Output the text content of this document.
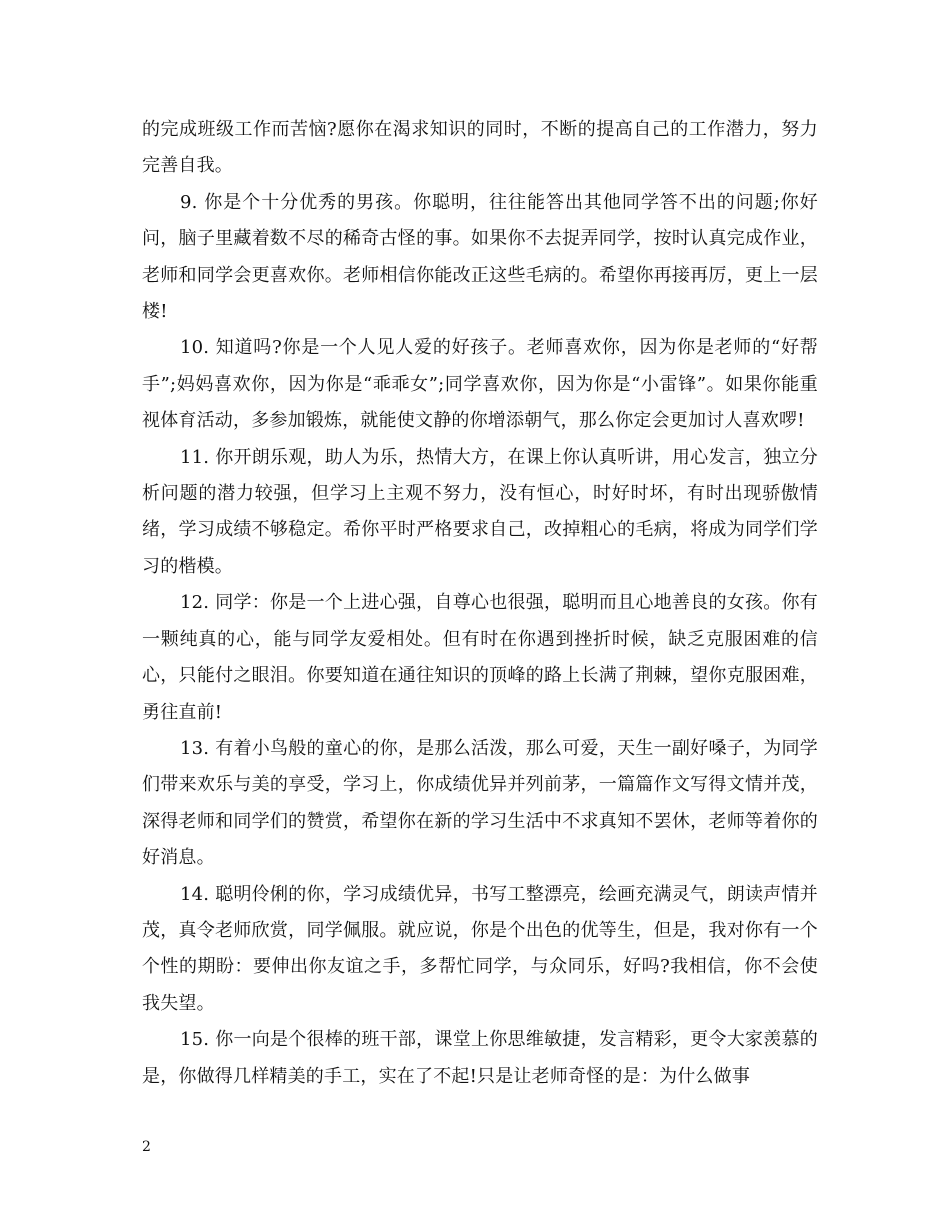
的完成班级工作而苦恼?愿你在渴求知识的同时，不断的提高自己的工作潜力，努力完善自我。

9. 你是个十分优秀的男孩。你聪明，往往能答出其他同学答不出的问题;你好问，脑子里藏着数不尽的稀奇古怪的事。如果你不去捉弄同学，按时认真完成作业，老师和同学会更喜欢你。老师相信你能改正这些毛病的。希望你再接再厉，更上一层楼!

10. 知道吗?你是一个人见人爱的好孩子。老师喜欢你，因为你是老师的“好帮手”;妈妈喜欢你，因为你是“乖乖女”;同学喜欢你，因为你是“小雷锋”。如果你能重视体育活动，多参加锻炼，就能使文静的你增添朝气，那么你定会更加讨人喜欢啰!

11. 你开朗乐观，助人为乐，热情大方，在课上你认真听讲，用心发言，独立分析问题的潜力较强，但学习上主观不努力，没有恒心，时好时坏，有时出现骄傲情绪，学习成绩不够稳定。希你平时严格要求自己，改掉粗心的毛病，将成为同学们学习的楷模。

12. 同学：你是一个上进心强，自尊心也很强，聪明而且心地善良的女孩。你有一颗纯真的心，能与同学友爱相处。但有时在你遇到挫折时候，缺乏克服困难的信心，只能付之眼泪。你要知道在通往知识的顶峰的路上长满了荆棘，望你克服困难，勇往直前!

13. 有着小鸟般的童心的你，是那么活泼，那么可爱，天生一副好嗓子，为同学们带来欢乐与美的享受，学习上，你成绩优异并列前茅，一篇篇作文写得文情并茂，深得老师和同学们的赞赏，希望你在新的学习生活中不求真知不罢休，老师等着你的好消息。

14. 聪明伶俐的你，学习成绩优异，书写工整漂亮，绘画充满灵气，朗读声情并茂，真令老师欣赏，同学佩服。就应说，你是个出色的优等生，但是，我对你有一个个性的期盼：要伸出你友谊之手，多帮忙同学，与众同乐，好吗?我相信，你不会使我失望。

15. 你一向是个很棒的班干部，课堂上你思维敏捷，发言精彩，更令大家羡慕的是，你做得几样精美的手工，实在了不起!只是让老师奇怪的是：为什么做事

2
